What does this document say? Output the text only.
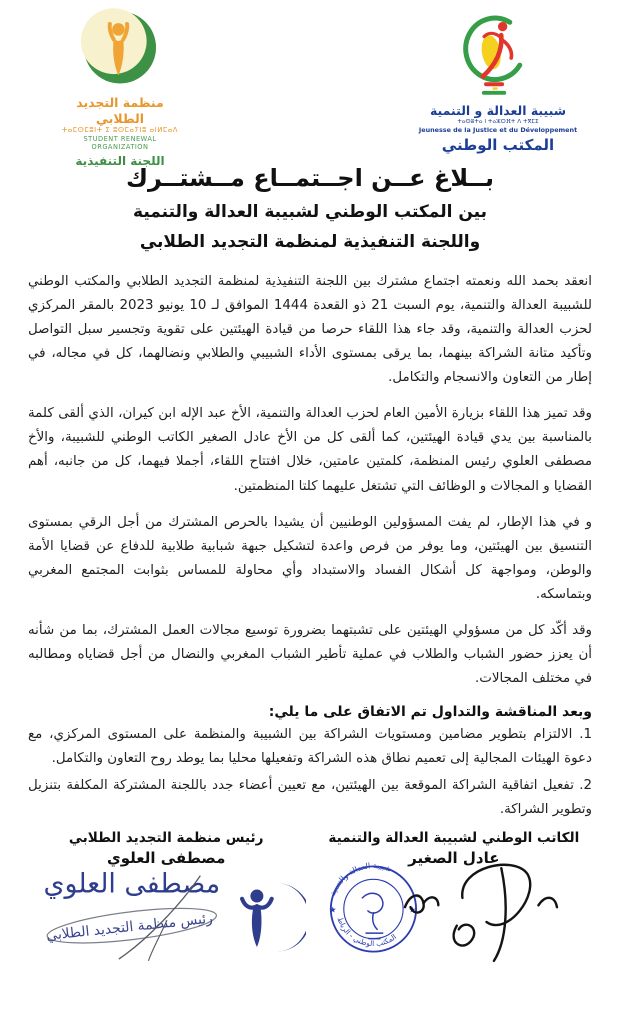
منظمة التجديد الطلابي
ⵜⴰⵎⵙⵎⵓⵏⵜ ⵉ ⵓⵙⵎⴰⵢⵏⵓ ⴰⵏⵍⵎⴰⴷ
STUDENT RENEWAL ORGANIZATION
اللجنة التنفيذية
شبيبة العدالة و التنمية
ⵜⴰⵙⵓⵜⴰ ⵏ ⵜⴰⵣⵔⴼⵜ ⴷ ⵜⴳⵎⵉ
Jeunesse de la Justice et du Développement
المكتب الوطني
بــلاغ عــن اجــتمــاع مــشتــرك
بين المكتب الوطني لشبيبة العدالة والتنمية
واللجنة التنفيذية لمنظمة التجديد الطلابي

انعقد بحمد الله ونعمته اجتماع مشترك بين اللجنة التنفيذية لمنظمة التجديد الطلابي والمكتب الوطني للشبيبة العدالة والتنمية، يوم السبت 21 ذو القعدة 1444 الموافق لـ 10 يونيو 2023 بالمقر المركزي لحزب العدالة والتنمية، وقد جاء هذا اللقاء حرصا من قيادة الهيئتين على تقوية وتجسير سبل التواصل وتأكيد متانة الشراكة بينهما، بما يرقى بمستوى الأداء الشبيبي والطلابي ونضالهما، كل في مجاله، في إطار من التعاون والانسجام والتكامل.

وقد تميز هذا اللقاء بزيارة الأمين العام لحزب العدالة والتنمية، الأخ عبد الإله ابن كيران، الذي ألقى كلمة بالمناسبة بين يدي قيادة الهيئتين، كما ألقى كل من الأخ عادل الصغير الكاتب الوطني للشبيبة، والأخ مصطفى العلوي رئيس المنظمة، كلمتين عامتين، خلال افتتاح اللقاء، أجملا فيهما، كل من جانبه، أهم القضايا و المجالات و الوظائف التي تشتغل عليهما كلتا المنظمتين.

و في هذا الإطار، لم يفت المسؤولين الوطنيين أن يشيدا بالحرص المشترك من أجل الرقي بمستوى التنسيق بين الهيئتين، وما يوفر من فرص واعدة لتشكيل جبهة شبابية طلابية للدفاع عن قضايا الأمة والوطن، ومواجهة كل أشكال الفساد والاستبداد وأي محاولة للمساس بثوابت المجتمع المغربي وبتماسكه.

وقد أكّد كل من مسؤولي الهيئتين على تشبتهما بضرورة توسيع مجالات العمل المشترك، بما من شأنه أن يعزز حضور الشباب والطلاب في عملية تأطير الشباب المغربي والنضال من أجل قضاياه ومطالبه في مختلف المجالات.

وبعد المناقشة والتداول تم الاتفاق على ما يلي:

1. الالتزام بتطوير مضامين ومستويات الشراكة بين الشبيبة والمنظمة على المستوى المركزي، مع دعوة الهيئات المجالية إلى تعميم نطاق هذه الشراكة وتفعيلها محليا بما يوطد روح التعاون والتكامل.

2. تفعيل اتفاقية الشراكة الموقعة بين الهيئتين، مع تعيين أعضاء جدد باللجنة المشتركة المكلفة بتنزيل وتطوير الشراكة.

رئيس منظمة التجديد الطلابي
مصطفى العلوي
مصطفى العلوي
رئيس منظمة التجديد الطلابي
الكاتب الوطني لشبيبة العدالة والتنمية
عادل الصغير
شبيبة العدالة والتنمية
المكتب الوطني - الرباط
★	★
